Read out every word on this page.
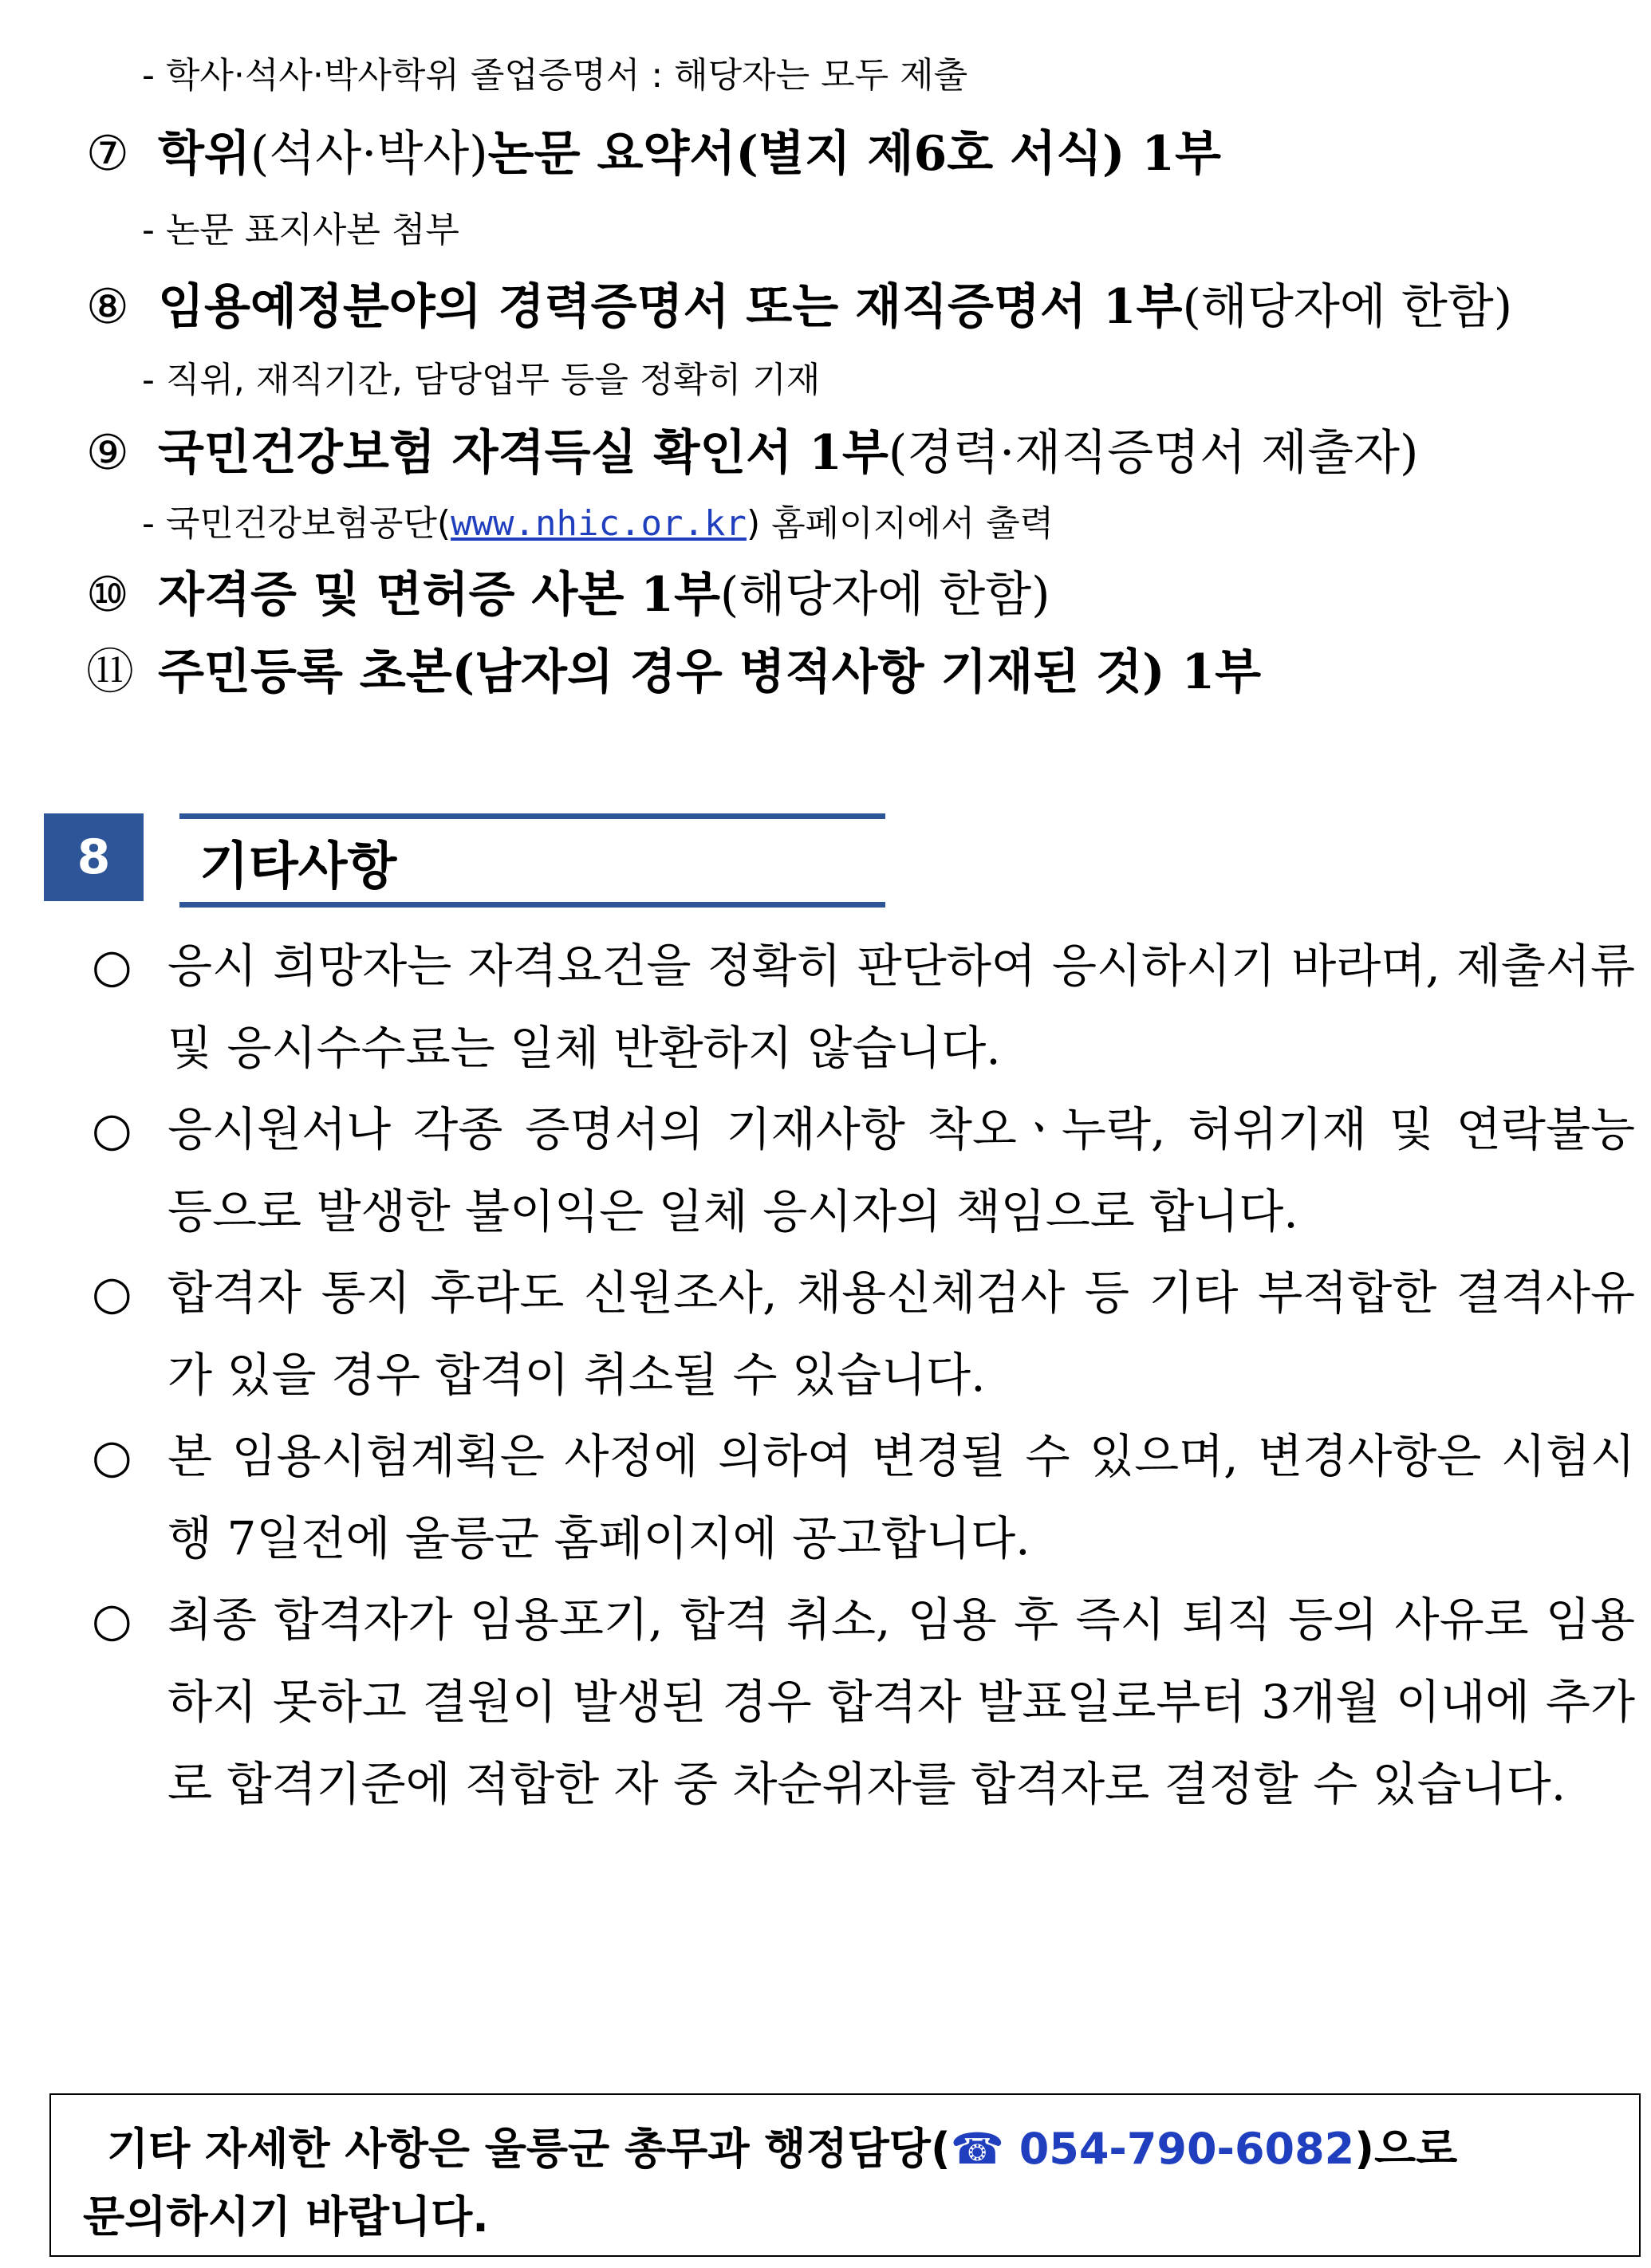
- 학사·석사·박사학위 졸업증명서 : 해당자는 모두 제출
⑦ 학위(석사·박사)논문 요약서(별지 제6호 서식) 1부
- 논문 표지사본 첨부
⑧ 임용예정분야의 경력증명서 또는 재직증명서 1부(해당자에 한함)
- 직위, 재직기간, 담당업무 등을 정확히 기재
⑨ 국민건강보험 자격득실 확인서 1부(경력·재직증명서 제출자)
- 국민건강보험공단(www.nhic.or.kr) 홈페이지에서 출력
⑩ 자격증 및 면허증 사본 1부(해당자에 한함)
⑪ 주민등록 초본(남자의 경우 병적사항 기재된 것) 1부
8	기타사항
○ 응시 희망자는 자격요건을 정확히 판단하여 응시하시기 바라며, 제출서류 및 응시수수료는 일체 반환하지 않습니다.
○ 응시원서나 각종 증명서의 기재사항 착오ㆍ누락, 허위기재 및 연락불능 등으로 발생한 불이익은 일체 응시자의 책임으로 합니다.
○ 합격자 통지 후라도 신원조사, 채용신체검사 등 기타 부적합한 결격사유가 있을 경우 합격이 취소될 수 있습니다.
○ 본 임용시험계획은 사정에 의하여 변경될 수 있으며, 변경사항은 시험시행 7일전에 울릉군 홈페이지에 공고합니다.
○ 최종 합격자가 임용포기, 합격 취소, 임용 후 즉시 퇴직 등의 사유로 임용하지 못하고 결원이 발생된 경우 합격자 발표일로부터 3개월 이내에 추가로 합격기준에 적합한 자 중 차순위자를 합격자로 결정할 수 있습니다.
기타 자세한 사항은 울릉군 총무과 행정담당(☎ 054-790-6082)으로
문의하시기 바랍니다.
